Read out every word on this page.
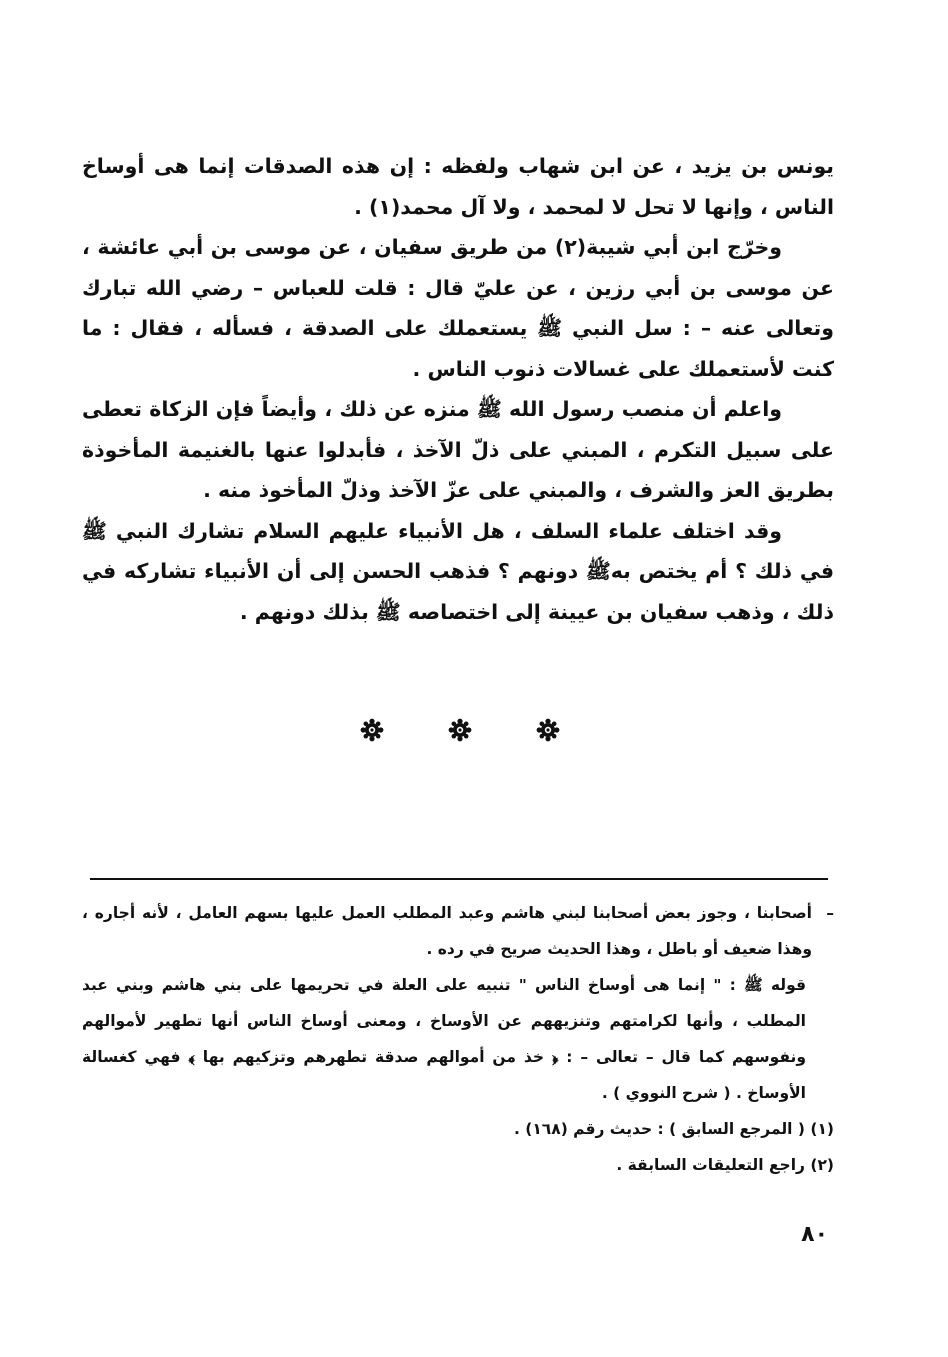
يونس بن يزيد ، عن ابن شهاب ولفظه : إن هذه الصدقات إنما هى أوساخ الناس ، وإنها لا تحل لا لمحمد ، ولا آل محمد(١) .

وخرّج ابن أبي شيبة(٢) من طريق سفيان ، عن موسى بن أبي عائشة ، عن موسى بن أبي رزين ، عن عليّ قال : قلت للعباس – رضي الله تبارك وتعالى عنه – : سل النبي ﷺ يستعملك على الصدقة ، فسأله ، فقال : ما كنت لأستعملك على غسالات ذنوب الناس .

واعلم أن منصب رسول الله ﷺ منزه عن ذلك ، وأيضاً فإن الزكاة تعطى على سبيل التكرم ، المبني على ذلّ الآخذ ، فأبدلوا عنها بالغنيمة المأخوذة بطريق العز والشرف ، والمبني على عزّ الآخذ وذلّ المأخوذ منه .

وقد اختلف علماء السلف ، هل الأنبياء عليهم السلام تشارك النبي ﷺ في ذلك ؟ أم يختص بهﷺ دونهم ؟ فذهب الحسن إلى أن الأنبياء تشاركه في ذلك ، وذهب سفيان بن عيينة إلى اختصاصه ﷺ بذلك دونهم .

–
أصحابنا ، وجوز بعض أصحابنا لبني هاشم وعبد المطلب العمل عليها بسهم العامل ، لأنه أجاره ، وهذا ضعيف أو باطل ، وهذا الحديث صريح في رده .

قوله ﷺ : " إنما هى أوساخ الناس " تنبيه على العلة في تحريمها على بني هاشم وبني عبد المطلب ، وأنها لكرامتهم وتنزيههم عن الأوساخ ، ومعنى أوساخ الناس أنها تطهير لأموالهم ونفوسهم كما قال – تعالى – : ﴿ خذ من أموالهم صدقة تطهرهم وتزكيهم بها ﴾ فهي كغسالة الأوساخ . ( شرح النووي ) .

(١) ( المرجع السابق ) : حديث رقم (١٦٨) .

(٢) راجع التعليقات السابقة .

٨٠
